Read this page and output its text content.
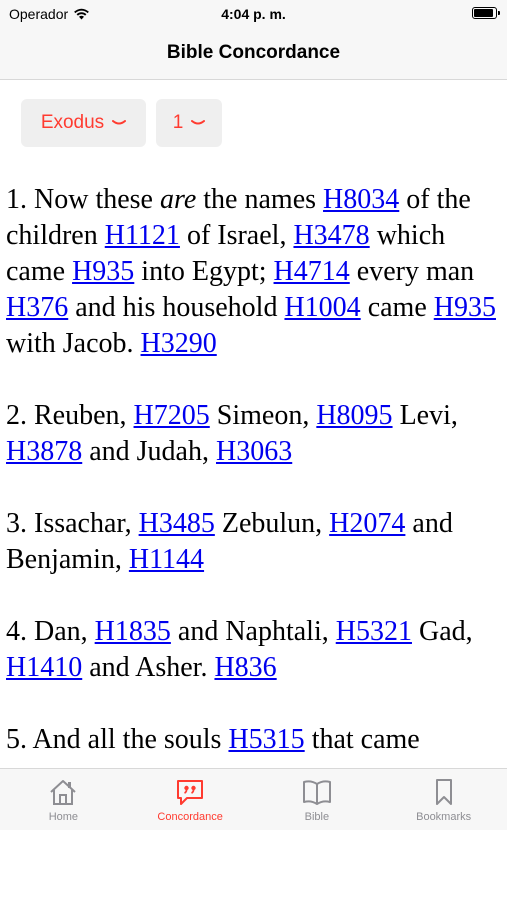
Operador	4:04 p. m.
Bible Concordance
Exodus	1

1. Now these are the names H8034 of the children H1121 of Israel, H3478 which came H935 into Egypt; H4714 every man H376 and his household H1004 came H935 with Jacob. H3290

2. Reuben, H7205 Simeon, H8095 Levi, H3878 and Judah, H3063

3. Issachar, H3485 Zebulun, H2074 and Benjamin, H1144

4. Dan, H1835 and Naphtali, H5321 Gad, H1410 and Asher. H836

5. And all the souls H5315 that came

Home	Concordance	Bible	Bookmarks
